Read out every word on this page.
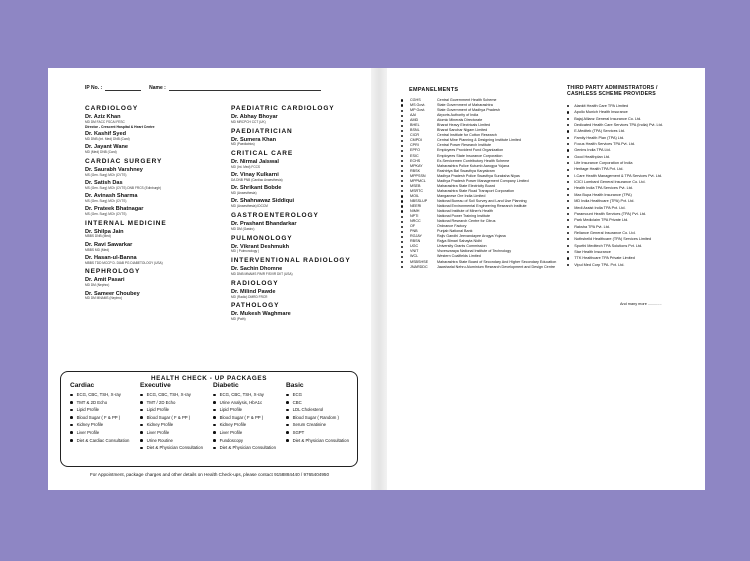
IP No. :	Name :
CARDIOLOGY
Dr. Aziz Khan
MD DM FACC FSCAI FESC
Director - Crescent Hospital & Heart Centre
Dr. Kashif Syed
MD DNB (Int. Med) DNB (Card)
Dr. Jayant Wane
MD (Med) DNB (Card)
CARDIAC SURGERY
Dr. Saurabh Varshney
MS (Gen. Surg) MCh (CVTS)
Dr. Satish Das
MS (Gen. Surg) MCh (CVTS) DNB FRCS (Edinburgh)
Dr. Avinash Sharma
MS (Gen. Surg) MCh (CVTS)
Dr. Prateek Bhatnagar
MS (Gen. Surg) MCh (CVTS)
INTERNAL MEDICINE
Dr. Shilpa Jain
MBBS DNB (Med)
Dr. Ravi Sawarkar
MBBS MD (Med)
Dr. Hasan-ul-Banna
MBBS TDD MCCP D. DIAB PG DIABETOLOGY (USA)
NEPHROLOGY
Dr. Amit Pasari
MD DM (Nephro)
Dr. Sameer Choubey
MD DM MNAMS (Nephro)
PAEDIATRIC CARDIOLOGY
Dr. Abhay Bhoyar
MD MRCPCH CCT (UK)
PAEDIATRICIAN
Dr. Sumera Khan
MD (Paediatrics)
CRITICAL CARE
Dr. Nirmal Jaiswal
MD (Int. Med) FCCS
Dr. Vinay Kulkarni
DA DNB PNB (Cardiac Anaesthesia)
Dr. Shrikant Bobde
MD (Anaesthesia)
Dr. Shahnawaz Siddiqui
MD (Anaesthesia) IDCCM
GASTROENTEROLOGY
Dr. Prashant Bhandarkar
MD DM (Gastro)
PULMONOLOGY
Dr. Vikrant Deshmukh
MD ( Pulmonology )
INTERVENTIONAL RADIOLOGY
Dr. Sachin Dhomne
MD DNB MNAMS FIMR FISVIR DIIT (USA)
RADIOLOGY
Dr. Milind Pawde
MD (Radio) DMRD FRCR
PATHOLOGY
Dr. Mukesh Waghmare
MD (Path)
HEALTH CHECK - UP PACKAGES
Cardiac
ECG, CBC, TSH, X-ray
TMT & 2D Echo
Lipid Profile
Blood Sugar ( F & PP )
Kidney Profile
Liver Profile
Diet & Cardiac Consultation
Executive
ECG, CBC, TSH, X-ray
TMT / 2D Echo
Lipid Profile
Blood Sugar ( F & PP )
Kidney Profile
Liver Profile
Urine Routine
Diet & Physician Consultation
Diabetic
ECG, CBC, TSH, X-ray
Urine Analysis, HbA1c
Lipid Profile
Blood Sugar ( F & PP )
Kidney Profile
Liver Profile
Fundoscopy
Diet & Physician Consultation
Basic
ECG
CBC
LDL Cholesterol
Blood Sugar ( Random )
Serum Creatinine
SGPT
Diet & Physician Consultation
For Appointment, package charges and other details on Health Check-ups, please contact 9158884440 / 9765404950
EMPANELMENTS
CGHS	Central Government Health Scheme
MS Govt.	State Government of Maharashtra
MP Govt.	State Government of Madhya Pradesh
AAI	Airports Authority of India
AMD	Atomic Minerals Directorate
BHEL	Bharat Heavy Electricals Limited
BSNL	Bharat Sanchar Nigam Limited
CICR	Central Institute for Cotton Research
CMPDI	Central Mine Planning & Designing Institute Limited
CPRI	Central Power Research Institute
EPFO	Employees Provident Fund Organization
ESIC	Employees State Insurance Corporation
ECHS	Ex-Servicemen Contributory Health Scheme
MPKAY	Maharashtra Police Kutumb Aarogya Yojana
RBSK	Rashtriya Bal Swasthya Karyakram
MPPSSN	Madhya Pradesh Police Swasthya Suraksha Niyas
MPPMCL	Madhya Pradesh Power Management Company Limited
MSEB	Maharashtra State Electricity Board
MSRTC	Maharashtra State Road Transport Corporation
MOIL	Manganese Ore India Limited
NBSSLUP	National Bureau of Soil Survey and Land Use Planning
NEERI	National Environmental Engineering Research Institute
NIMH	National Institute of Miner's Health
NPTI	National Power Training Institute
NRCC	National Research Centre for Citrus
OF	Ordnance Factory
PNB	Punjab National Bank
RGJAY	Rajiv Gandhi Jeevandayee Arogya Yojana
RBSN	Rajya Bimari Sahayta Nidhi
UGC	University Grants Commission
VNIT	Visvesvaraya National Institute of Technology
WCL	Western Coalfields Limited
MSBSHSE	Maharashtra State Board of Secondary And Higher Secondary Education
JNARDDC	Jawaharlal Nehru Aluminium Research Development and Design Centre
THIRD PARTY ADMINISTRATORS /
CASHLESS SCHEME PROVIDERS
Alankit Health Care TPA Limited
Apollo Munich Health Insurance
Bajaj Allianz General Insurance Co. Ltd.
Dedicated Health Care Services TPA (India) Pvt. Ltd.
E-Meditek (TPA) Services Ltd.
Family Health Plan (TPA) Ltd.
Focus Health Services TPA Pvt. Ltd.
Genins India TPA Ltd.
Good Healthplan Ltd.
Life Insurance Corporation of India
Heritage Health TPA Pvt. Ltd.
I-Care Health Management & TPA Services Pvt. Ltd.
ICICI Lombard General Insurance Co. Ltd.
Health India TPA Services Pvt. Ltd.
Max Bupa Health Insurance (TPA)
MD India Healthcare (TPA) Pvt. Ltd.
Medi Assist India TPA Pvt. Ltd.
Paramount Health Services (TPA) Pvt. Ltd.
Park Mediclaim TPA Private Ltd.
Raksha TPA Pvt. Ltd.
Reliance General Insurance Co. Ltd.
Nothsheild Healthcare (TPA) Services Limited
Spurthi Meditech TPA Solutions Pvt. Ltd.
Star Health Insurance
TTK Healthcare TPA Private Limited
Vipul Med Corp TPA. Pvt. Ltd.
And many more .............
